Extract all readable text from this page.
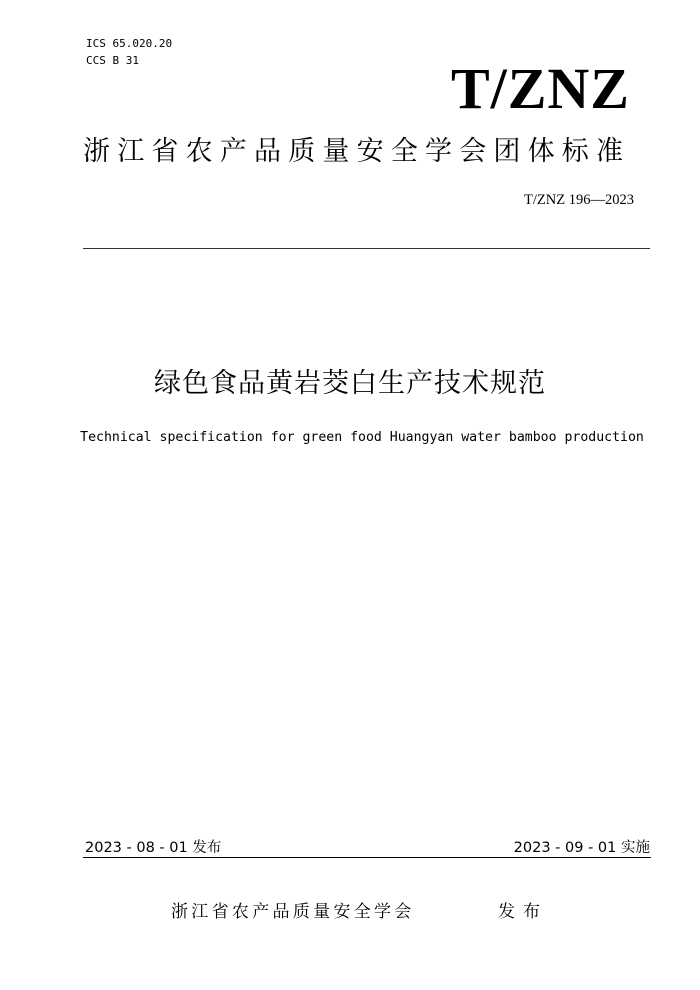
ICS 65.020.20
CCS B 31	T/ZNZ
浙江省农产品质量安全学会团体标准
T/ZNZ 196—2023
绿色食品黄岩茭白生产技术规范
Technical specification for green food Huangyan water bamboo production
2023 - 08 - 01 发布	2023 - 09 - 01 实施
浙江省农产品质量安全学会	发布
